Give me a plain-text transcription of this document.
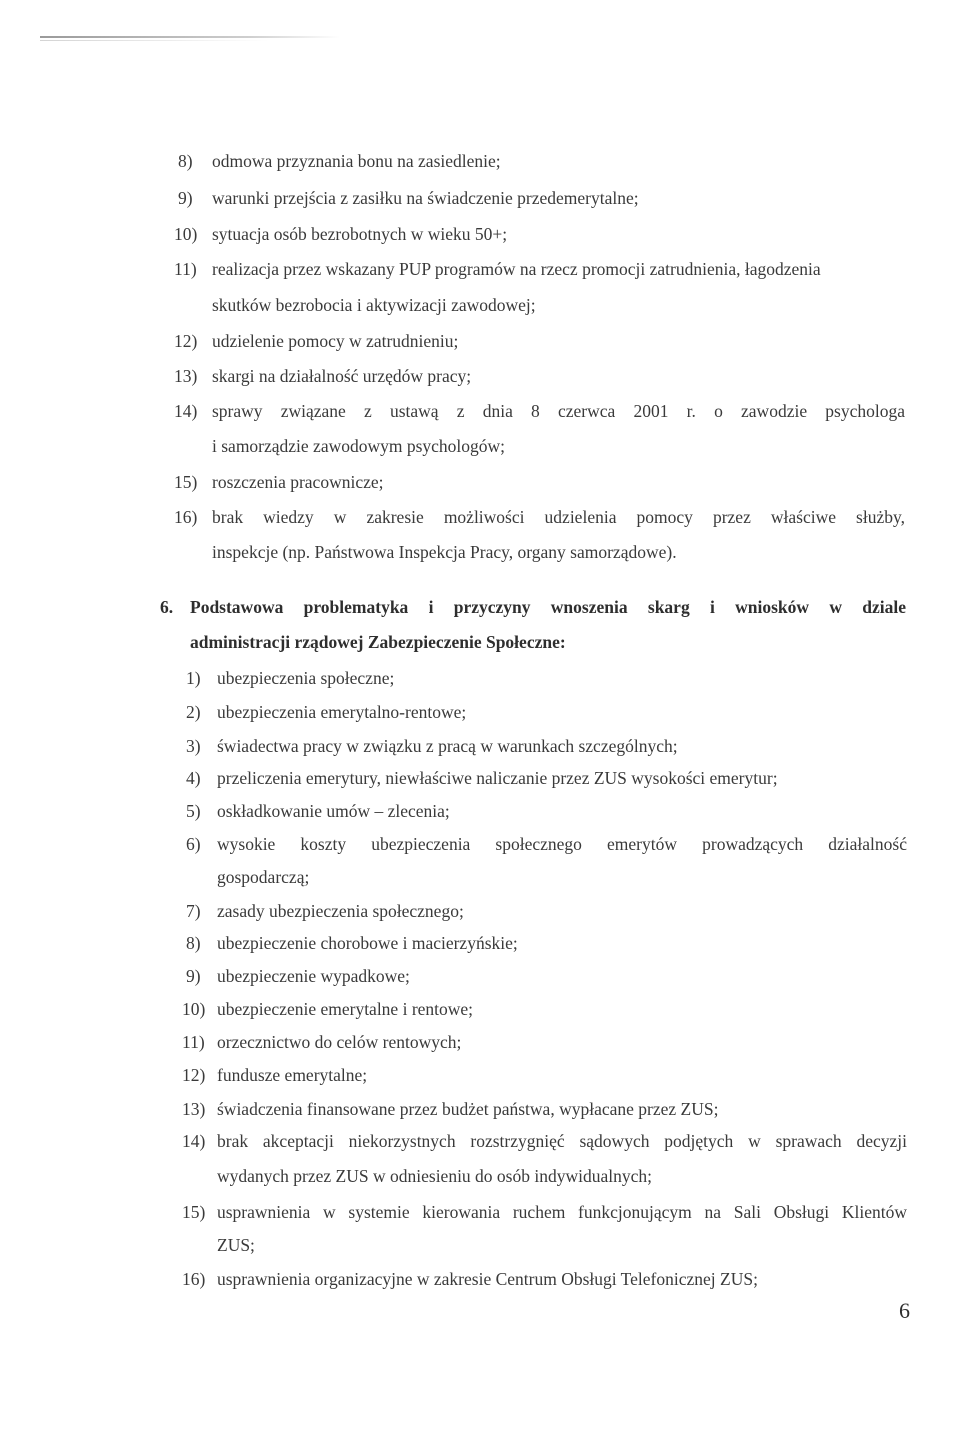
8) odmowa przyznania bonu na zasiedlenie;
9) warunki przejścia z zasiłku na świadczenie przedemerytalne;
10) sytuacja osób bezrobotnych w wieku 50+;
11) realizacja przez wskazany PUP programów na rzecz promocji zatrudnienia, łagodzenia
skutków bezrobocia i aktywizacji zawodowej;
12) udzielenie pomocy w zatrudnieniu;
13) skargi na działalność urzędów pracy;
14) sprawy związane z ustawą z dnia 8 czerwca 2001 r. o zawodzie psychologa
i samorządzie zawodowym psychologów;
15) roszczenia pracownicze;
16) brak wiedzy w zakresie możliwości udzielenia pomocy przez właściwe służby,
inspekcje (np. Państwowa Inspekcja Pracy, organy samorządowe).
6. Podstawowa problematyka i przyczyny wnoszenia skarg i wniosków w dziale
administracji rządowej Zabezpieczenie Społeczne:
1) ubezpieczenia społeczne;
2) ubezpieczenia emerytalno-rentowe;
3) świadectwa pracy w związku z pracą w warunkach szczególnych;
4) przeliczenia emerytury, niewłaściwe naliczanie przez ZUS wysokości emerytur;
5) oskładkowanie umów – zlecenia;
6) wysokie koszty ubezpieczenia społecznego emerytów prowadzących działalność
gospodarczą;
7) zasady ubezpieczenia społecznego;
8) ubezpieczenie chorobowe i macierzyńskie;
9) ubezpieczenie wypadkowe;
10) ubezpieczenie emerytalne i rentowe;
11) orzecznictwo do celów rentowych;
12) fundusze emerytalne;
13) świadczenia finansowane przez budżet państwa, wypłacane przez ZUS;
14) brak akceptacji niekorzystnych rozstrzygnięć sądowych podjętych w sprawach decyzji
wydanych przez ZUS w odniesieniu do osób indywidualnych;
15) usprawnienia w systemie kierowania ruchem funkcjonującym na Sali Obsługi Klientów
ZUS;
16) usprawnienia organizacyjne w zakresie Centrum Obsługi Telefonicznej ZUS;
6
